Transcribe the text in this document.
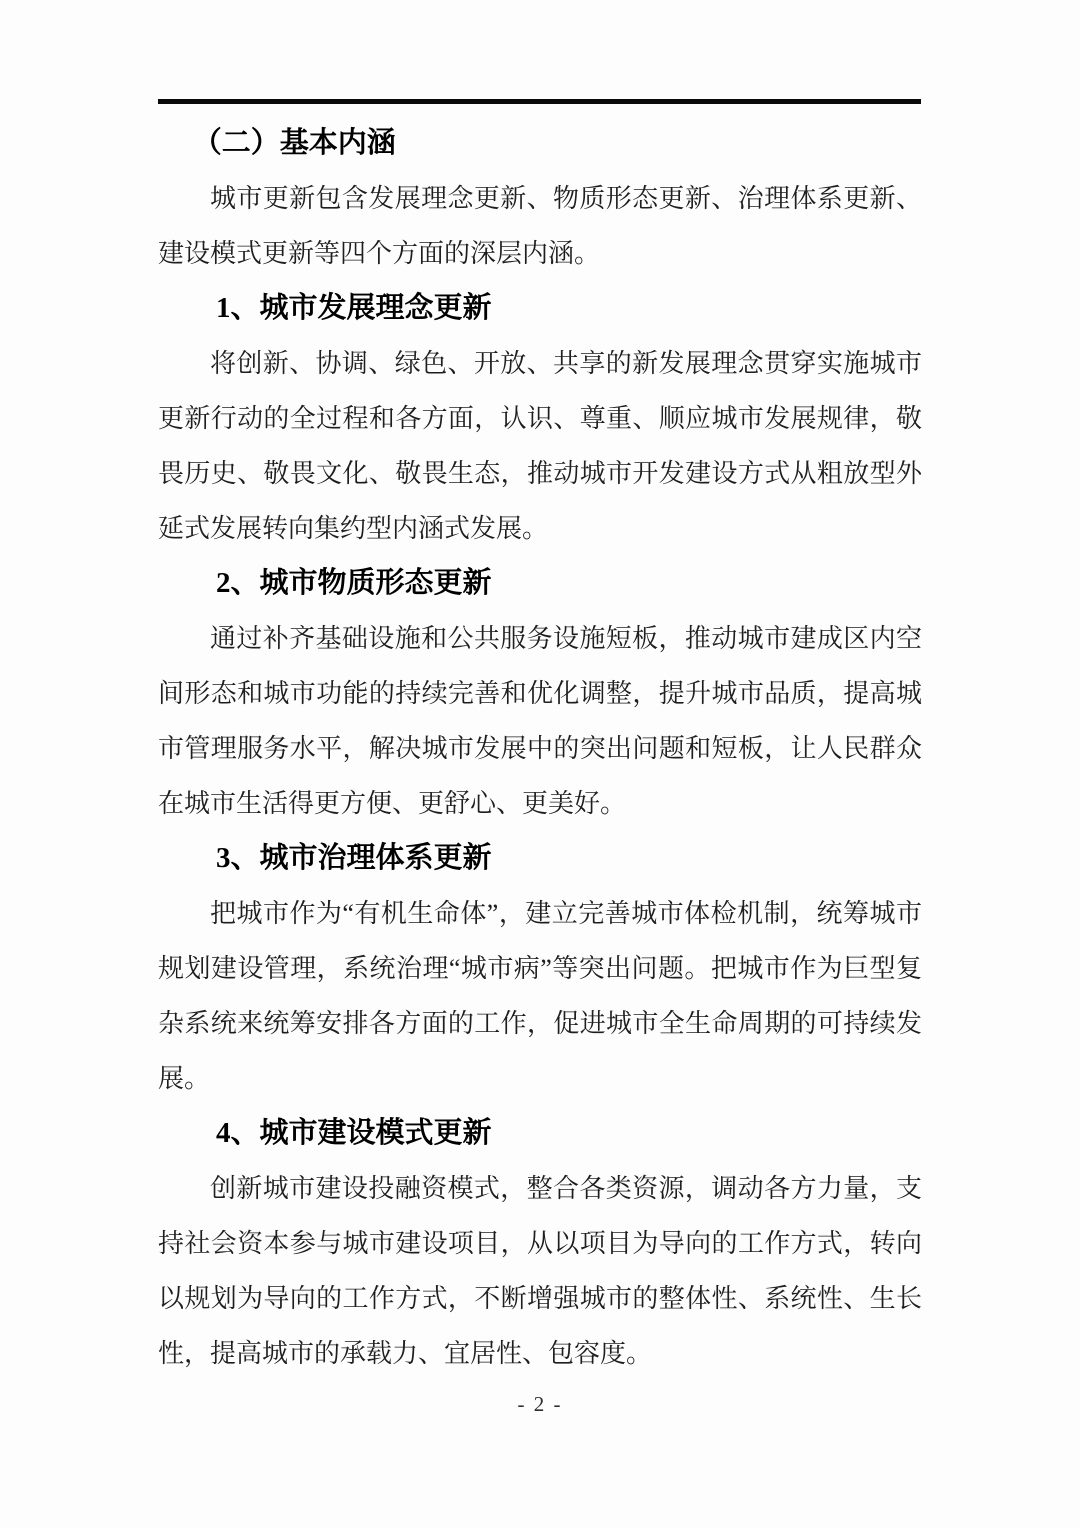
（二）基本内涵

城市更新包含发展理念更新、物质形态更新、治理体系更新、建设模式更新等四个方面的深层内涵。

1、城市发展理念更新

将创新、协调、绿色、开放、共享的新发展理念贯穿实施城市更新行动的全过程和各方面，认识、尊重、顺应城市发展规律，敬畏历史、敬畏文化、敬畏生态，推动城市开发建设方式从粗放型外延式发展转向集约型内涵式发展。

2、城市物质形态更新

通过补齐基础设施和公共服务设施短板，推动城市建成区内空间形态和城市功能的持续完善和优化调整，提升城市品质，提高城市管理服务水平，解决城市发展中的突出问题和短板，让人民群众在城市生活得更方便、更舒心、更美好。

3、城市治理体系更新

把城市作为“有机生命体”，建立完善城市体检机制，统筹城市规划建设管理，系统治理“城市病”等突出问题。把城市作为巨型复杂系统来统筹安排各方面的工作，促进城市全生命周期的可持续发展。

4、城市建设模式更新

创新城市建设投融资模式，整合各类资源，调动各方力量，支持社会资本参与城市建设项目，从以项目为导向的工作方式，转向以规划为导向的工作方式，不断增强城市的整体性、系统性、生长性，提高城市的承载力、宜居性、包容度。

- 2 -
